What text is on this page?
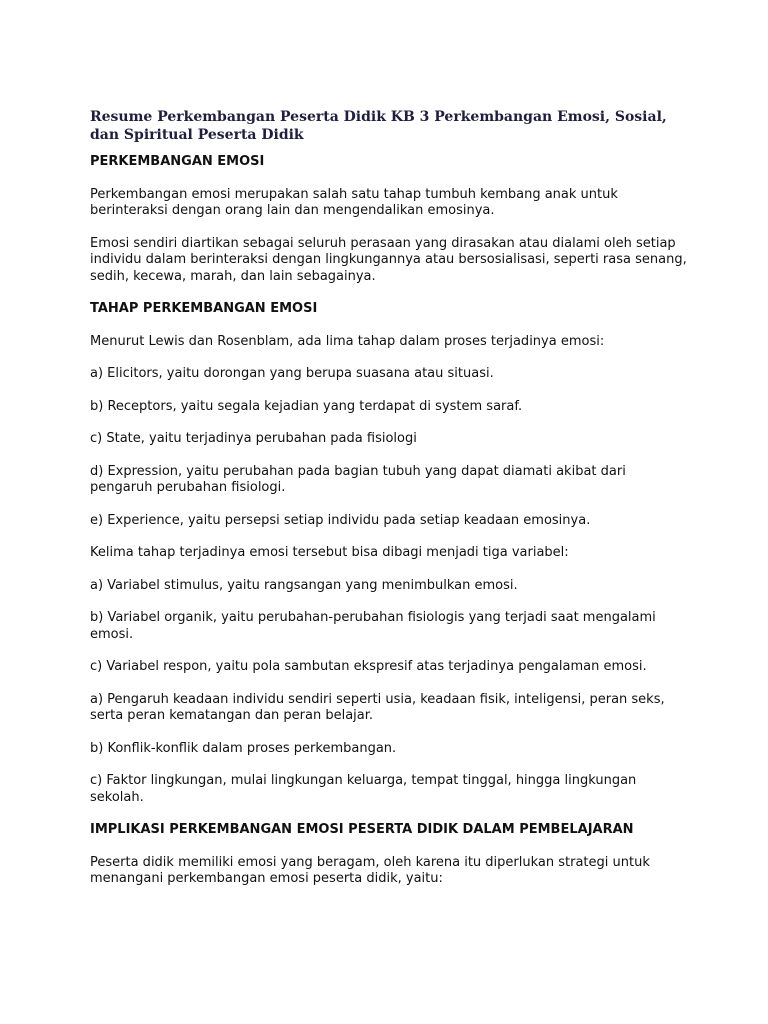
Resume Perkembangan Peserta Didik KB 3 Perkembangan Emosi, Sosial, dan Spiritual Peserta Didik
PERKEMBANGAN EMOSI
Perkembangan emosi merupakan salah satu tahap tumbuh kembang anak untuk berinteraksi dengan orang lain dan mengendalikan emosinya.
Emosi sendiri diartikan sebagai seluruh perasaan yang dirasakan atau dialami oleh setiap individu dalam berinteraksi dengan lingkungannya atau bersosialisasi, seperti rasa senang, sedih, kecewa, marah, dan lain sebagainya.
TAHAP PERKEMBANGAN EMOSI
Menurut Lewis dan Rosenblam, ada lima tahap dalam proses terjadinya emosi:
a) Elicitors, yaitu dorongan yang berupa suasana atau situasi.
b) Receptors, yaitu segala kejadian yang terdapat di system saraf.
c) State, yaitu terjadinya perubahan pada fisiologi
d) Expression, yaitu perubahan pada bagian tubuh yang dapat diamati akibat dari pengaruh perubahan fisiologi.
e) Experience, yaitu persepsi setiap individu pada setiap keadaan emosinya.
Kelima tahap terjadinya emosi tersebut bisa dibagi menjadi tiga variabel:
a) Variabel stimulus, yaitu rangsangan yang menimbulkan emosi.
b) Variabel organik, yaitu perubahan-perubahan fisiologis yang terjadi saat mengalami emosi.
c) Variabel respon, yaitu pola sambutan ekspresif atas terjadinya pengalaman emosi.
a) Pengaruh keadaan individu sendiri seperti usia, keadaan fisik, inteligensi, peran seks, serta peran kematangan dan peran belajar.
b) Konflik-konflik dalam proses perkembangan.
c) Faktor lingkungan, mulai lingkungan keluarga, tempat tinggal, hingga lingkungan sekolah.
IMPLIKASI PERKEMBANGAN EMOSI PESERTA DIDIK DALAM PEMBELAJARAN
Peserta didik memiliki emosi yang beragam, oleh karena itu diperlukan strategi untuk menangani perkembangan emosi peserta didik, yaitu:
